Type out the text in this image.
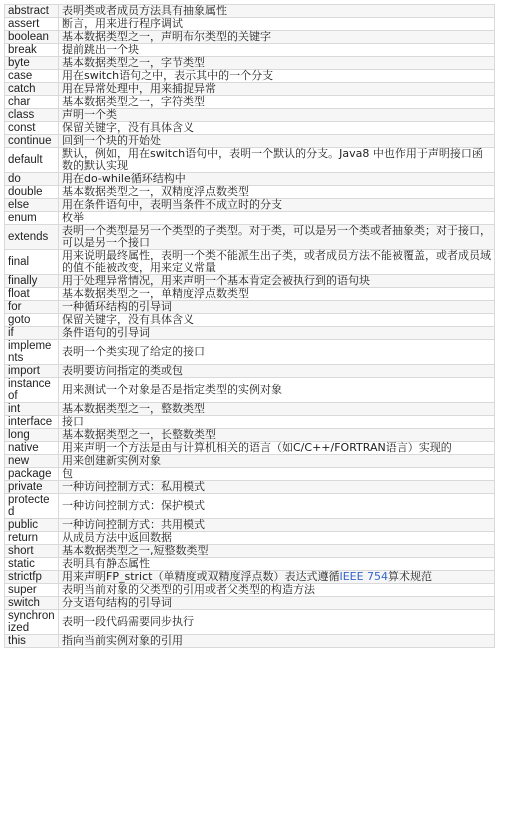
abstract	表明类或者成员方法具有抽象属性
assert	断言，用来进行程序调试
boolean	基本数据类型之一，声明布尔类型的关键字
break	提前跳出一个块
byte	基本数据类型之一，字节类型
case	用在switch语句之中，表示其中的一个分支
catch	用在异常处理中，用来捕捉异常
char	基本数据类型之一，字符类型
class	声明一个类
const	保留关键字，没有具体含义
continue	回到一个块的开始处
default	默认，例如，用在switch语句中，表明一个默认的分支。Java8 中也作用于声明接口函数的默认实现
do	用在do-while循环结构中
double	基本数据类型之一，双精度浮点数类型
else	用在条件语句中，表明当条件不成立时的分支
enum	枚举
extends	表明一个类型是另一个类型的子类型。对于类，可以是另一个类或者抽象类；对于接口，可以是另一个接口
final	用来说明最终属性，表明一个类不能派生出子类，或者成员方法不能被覆盖，或者成员域的值不能被改变，用来定义常量
finally	用于处理异常情况，用来声明一个基本肯定会被执行到的语句块
float	基本数据类型之一，单精度浮点数类型
for	一种循环结构的引导词
goto	保留关键字，没有具体含义
if	条件语句的引导词
implements	表明一个类实现了给定的接口
import	表明要访问指定的类或包
instanceof	用来测试一个对象是否是指定类型的实例对象
int	基本数据类型之一，整数类型
interface	接口
long	基本数据类型之一，长整数类型
native	用来声明一个方法是由与计算机相关的语言（如C/C++/FORTRAN语言）实现的
new	用来创建新实例对象
package	包
private	一种访问控制方式：私用模式
protected	一种访问控制方式：保护模式
public	一种访问控制方式：共用模式
return	从成员方法中返回数据
short	基本数据类型之一,短整数类型
static	表明具有静态属性
strictfp	用来声明FP_strict（单精度或双精度浮点数）表达式遵循IEEE 754算术规范
super	表明当前对象的父类型的引用或者父类型的构造方法
switch	分支语句结构的引导词
synchronized	表明一段代码需要同步执行
this	指向当前实例对象的引用
